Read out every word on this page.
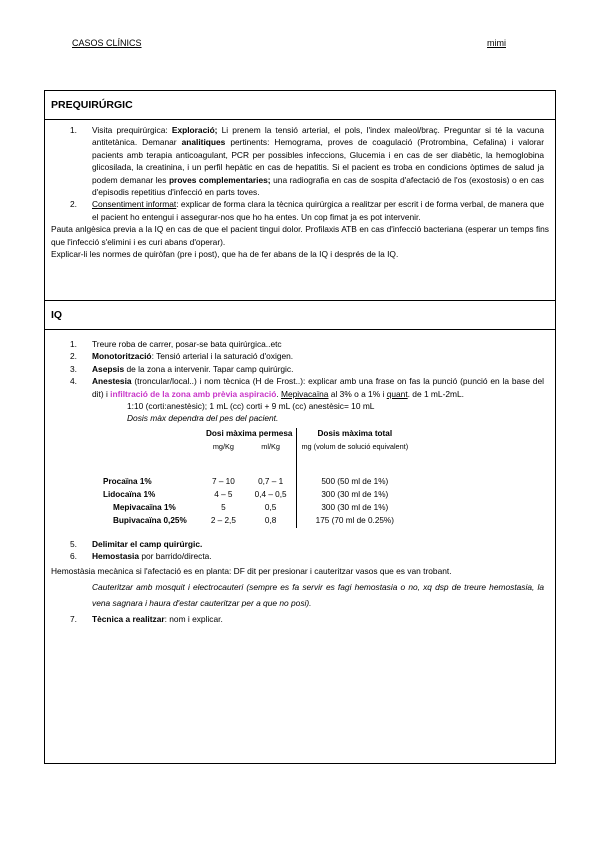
CASOS CLÍNICS	mimi
PREQUIRÚRGIC
1. Visita prequirúrgica: Exploració; Li prenem la tensió arterial, el pols, l'index maleol/braç. Preguntar si té la vacuna antitetànica. Demanar analitiques pertinents: Hemograma, proves de coagulació (Protrombina, Cefalina) i valorar pacients amb terapia anticoagulant, PCR per possibles infeccions, Glucemia i en cas de ser diabètic, la hemoglobina glicosilada, la creatinina, i un perfil hepàtic en cas de hepatitis. Si el pacient es troba en condicions òptimes de salud ja podem demanar les proves complementaries; una radiografia en cas de sospita d'afectació de l'os (exostosis) o en cas d'episodis repetitius d'infecció en parts toves.
2. Consentiment informat: explicar de forma clara la tècnica quirúrgica a realitzar per escrit i de forma verbal, de manera que el pacient ho entengui i assegurar-nos que ho ha entes. Un cop fimat ja es pot intervenir.
Pauta anlgèsica previa a la IQ en cas de que el pacient tingui dolor. Profilaxis ATB en cas d'infecció bacteriana (esperar un temps fins que l'infecció s'elimini i es curi abans d'operar).
Explicar-li les normes de quiròfan (pre i post), que ha de fer abans de la IQ i després de la IQ.
IQ
1. Treure roba de carrer, posar-se bata quirúrgica..etc
2. Monotorització: Tensió arterial i la saturació d'oxigen.
3. Asepsis de la zona a intervenir. Tapar camp quirúrgic.
4. Anestesia (troncular/local..) i nom tècnica (H de Frost..): explicar amb una frase on fas la punció (punció en la base del dit) i infiltració de la zona amb prèvia aspiració. Mepivacaïna al 3% o a 1% i quant. de 1 mL-2mL.
1:10 (corti:anestèsic); 1 mL (cc) corti + 9 mL (cc) anestèsic= 10 mL
Dosis màx dependra del pes del pacient.
	Dosi màxima permesa		Dosis màxima total
	mg/Kg	ml/Kg	mg (volum de solució equivalent)

Procaïna 1%	7 – 10	0,7 – 1	500 (50 ml de 1%)
Lidocaïna 1%	4 – 5	0,4 – 0,5	300 (30 ml de 1%)
Mepivacaïna 1%	5	0,5	300 (30 ml de 1%)
Bupivacaïna 0,25%	2 – 2,5	0,8	175 (70 ml de 0.25%)
5. Delimitar el camp quirúrgic.
6. Hemostasia por barrido/directa.
Hemostàsia mecànica si l'afectació es en planta: DF dit per presionar i cauteritzar vasos que es van trobant.
Cauteritzar amb mosquit i electrocauteri (sempre es fa servir es fagi hemostasia o no, xq dsp de treure hemostasia, la vena sagnara i haura d'estar cauteritzar per a que no posi).
7. Tècnica a realitzar: nom i explicar.
